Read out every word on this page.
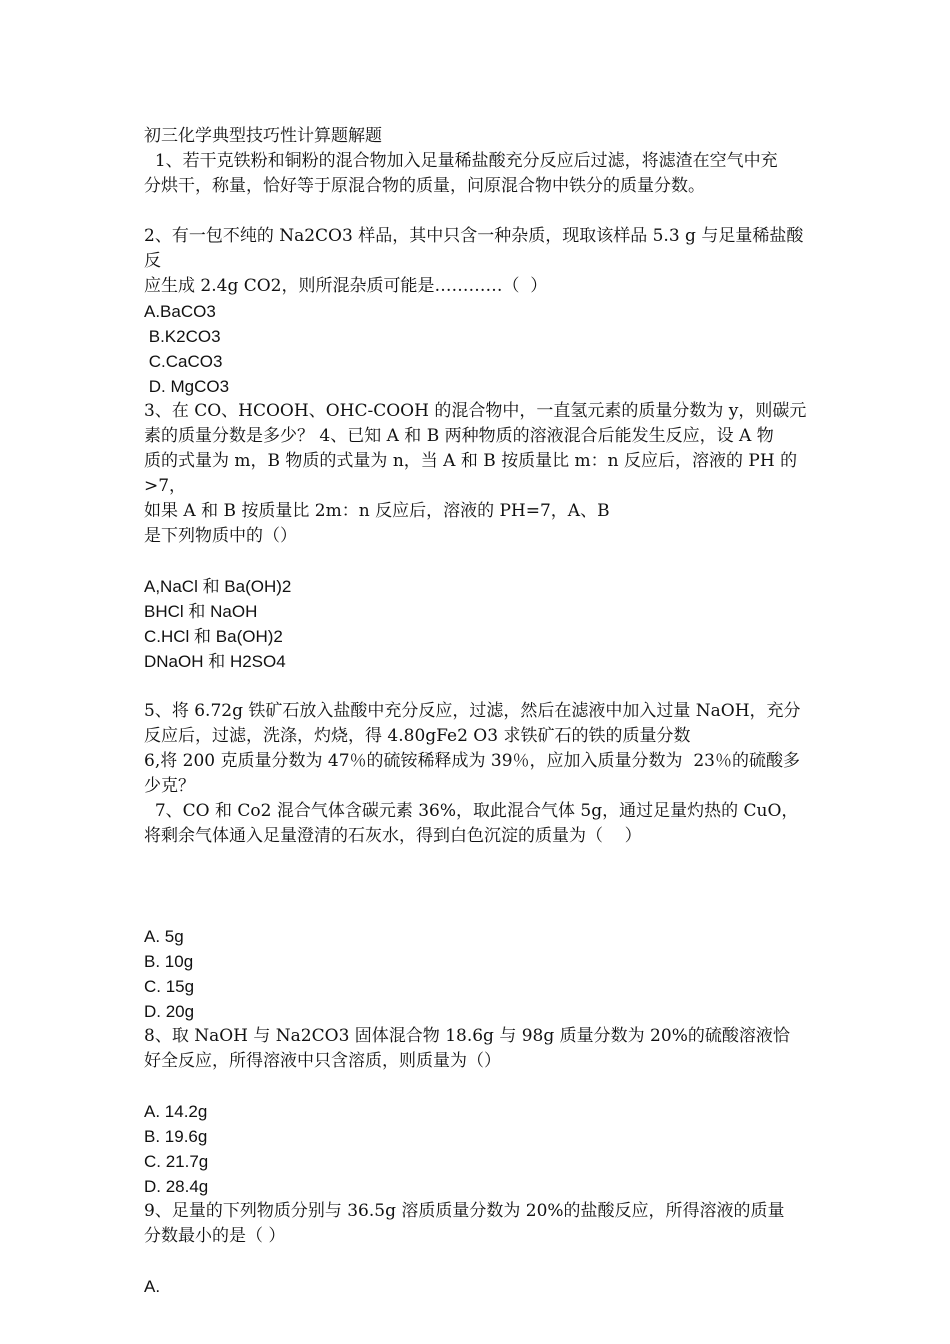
初三化学典型技巧性计算题解题
1、若干克铁粉和铜粉的混合物加入足量稀盐酸充分反应后过滤，将滤渣在空气中充
分烘干，称量，恰好等于原混合物的质量，问原混合物中铁分的质量分数。
2、有一包不纯的 Na2CO3 样品，其中只含一种杂质，现取该样品 5.3 g 与足量稀盐酸反
应生成 2.4g CO2，则所混杂质可能是…………（  ）
A.BaCO3
B.K2CO3
C.CaCO3
D. MgCO3
3、在 CO、HCOOH、OHC-COOH 的混合物中，一直氢元素的质量分数为 y，则碳元
素的质量分数是多少？ 4、已知 A 和 B 两种物质的溶液混合后能发生反应，设 A 物
质的式量为 m，B 物质的式量为 n，当 A 和 B 按质量比 m：n 反应后，溶液的 PH 的>7，
如果 A 和 B 按质量比 2m：n 反应后，溶液的 PH=7，A、B
是下列物质中的（）
A,NaCl 和 Ba(OH)2
BHCl 和 NaOH
C.HCl 和 Ba(OH)2
DNaOH 和 H2SO4
5、将 6.72g 铁矿石放入盐酸中充分反应，过滤，然后在滤液中加入过量 NaOH，充分
反应后，过滤，洗涤，灼烧，得 4.80gFe2 O3 求铁矿石的铁的质量分数
6,将 200 克质量分数为 47％的硫铵稀释成为 39％，应加入质量分数为  23％的硫酸多
少克？
7、CO 和 Co2 混合气体含碳元素 36%，取此混合气体 5g，通过足量灼热的 CuO，
将剩余气体通入足量澄清的石灰水，得到白色沉淀的质量为（    ）
A. 5g
B. 10g
C. 15g
D. 20g
8、取 NaOH 与 Na2CO3 固体混合物 18.6g 与 98g 质量分数为 20%的硫酸溶液恰
好全反应，所得溶液中只含溶质，则质量为（）
A. 14.2g
B. 19.6g
C. 21.7g
D. 28.4g
9、足量的下列物质分别与 36.5g 溶质质量分数为 20%的盐酸反应，所得溶液的质量
分数最小的是（ ）
A.
